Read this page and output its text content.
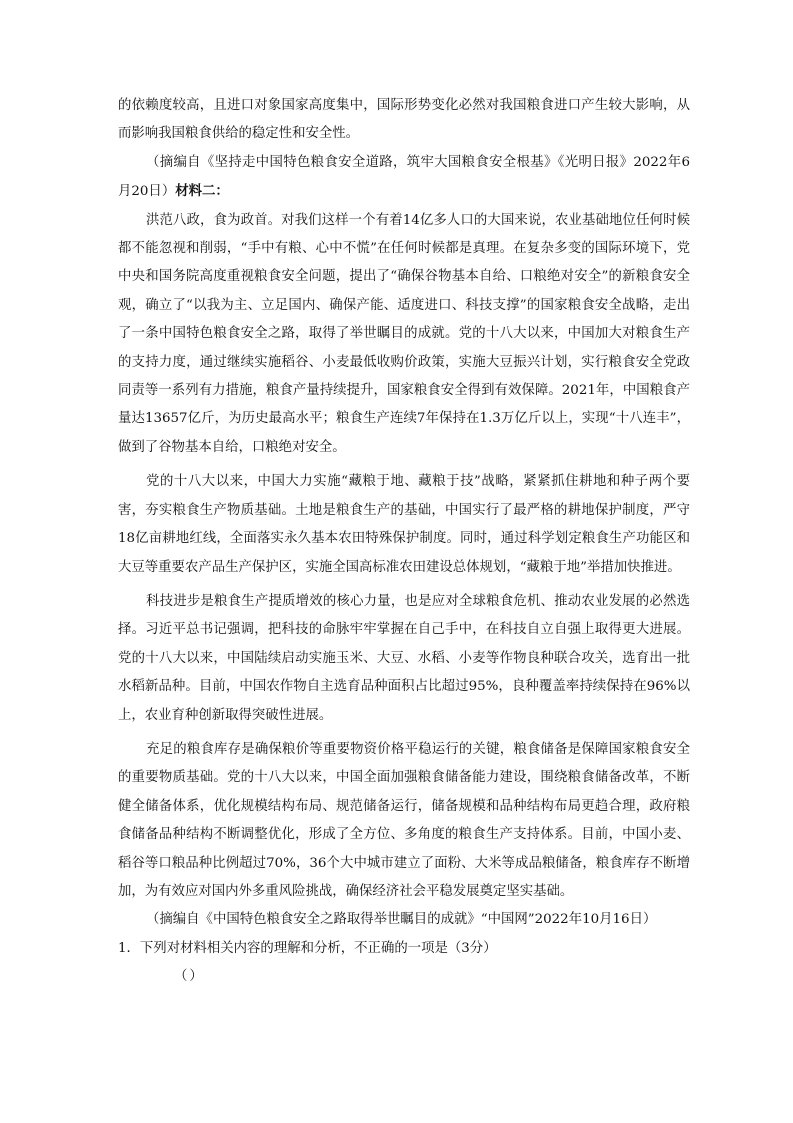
的依赖度较高，且进口对象国家高度集中，国际形势变化必然对我国粮食进口产生较大影响，从而影响我国粮食供给的稳定性和安全性。

（摘编自《坚持走中国特色粮食安全道路，筑牢大国粮食安全根基》《光明日报》2022年6月20日）材料二：

洪范八政，食为政首。对我们这样一个有着14亿多人口的大国来说，农业基础地位任何时候都不能忽视和削弱，“手中有粮、心中不慌”在任何时候都是真理。在复杂多变的国际环境下，党中央和国务院高度重视粮食安全问题，提出了“确保谷物基本自给、口粮绝对安全”的新粮食安全观，确立了“以我为主、立足国内、确保产能、适度进口、科技支撑”的国家粮食安全战略，走出了一条中国特色粮食安全之路，取得了举世瞩目的成就。党的十八大以来，中国加大对粮食生产的支持力度，通过继续实施稻谷、小麦最低收购价政策，实施大豆振兴计划，实行粮食安全党政同责等一系列有力措施，粮食产量持续提升，国家粮食安全得到有效保障。2021年，中国粮食产量达13657亿斤，为历史最高水平；粮食生产连续7年保持在1.3万亿斤以上，实现“十八连丰”，做到了谷物基本自给，口粮绝对安全。

党的十八大以来，中国大力实施“藏粮于地、藏粮于技”战略，紧紧抓住耕地和种子两个要害，夯实粮食生产物质基础。土地是粮食生产的基础，中国实行了最严格的耕地保护制度，严守18亿亩耕地红线，全面落实永久基本农田特殊保护制度。同时，通过科学划定粮食生产功能区和大豆等重要农产品生产保护区，实施全国高标准农田建设总体规划，“藏粮于地”举措加快推进。

科技进步是粮食生产提质增效的核心力量，也是应对全球粮食危机、推动农业发展的必然选择。习近平总书记强调，把科技的命脉牢牢掌握在自己手中，在科技自立自强上取得更大进展。党的十八大以来，中国陆续启动实施玉米、大豆、水稻、小麦等作物良种联合攻关，选育出一批水稻新品种。目前，中国农作物自主选育品种面积占比超过95%，良种覆盖率持续保持在96%以上，农业育种创新取得突破性进展。

充足的粮食库存是确保粮价等重要物资价格平稳运行的关键，粮食储备是保障国家粮食安全的重要物质基础。党的十八大以来，中国全面加强粮食储备能力建设，围绕粮食储备改革，不断健全储备体系，优化规模结构布局、规范储备运行，储备规模和品种结构布局更趋合理，政府粮食储备品种结构不断调整优化，形成了全方位、多角度的粮食生产支持体系。目前，中国小麦、稻谷等口粮品种比例超过70%，36个大中城市建立了面粉、大米等成品粮储备，粮食库存不断增加，为有效应对国内外多重风险挑战，确保经济社会平稳发展奠定坚实基础。

（摘编自《中国特色粮食安全之路取得举世瞩目的成就》“中国网”2022年10月16日）

1．下列对材料相关内容的理解和分析，不正确的一项是（3分）

（）
